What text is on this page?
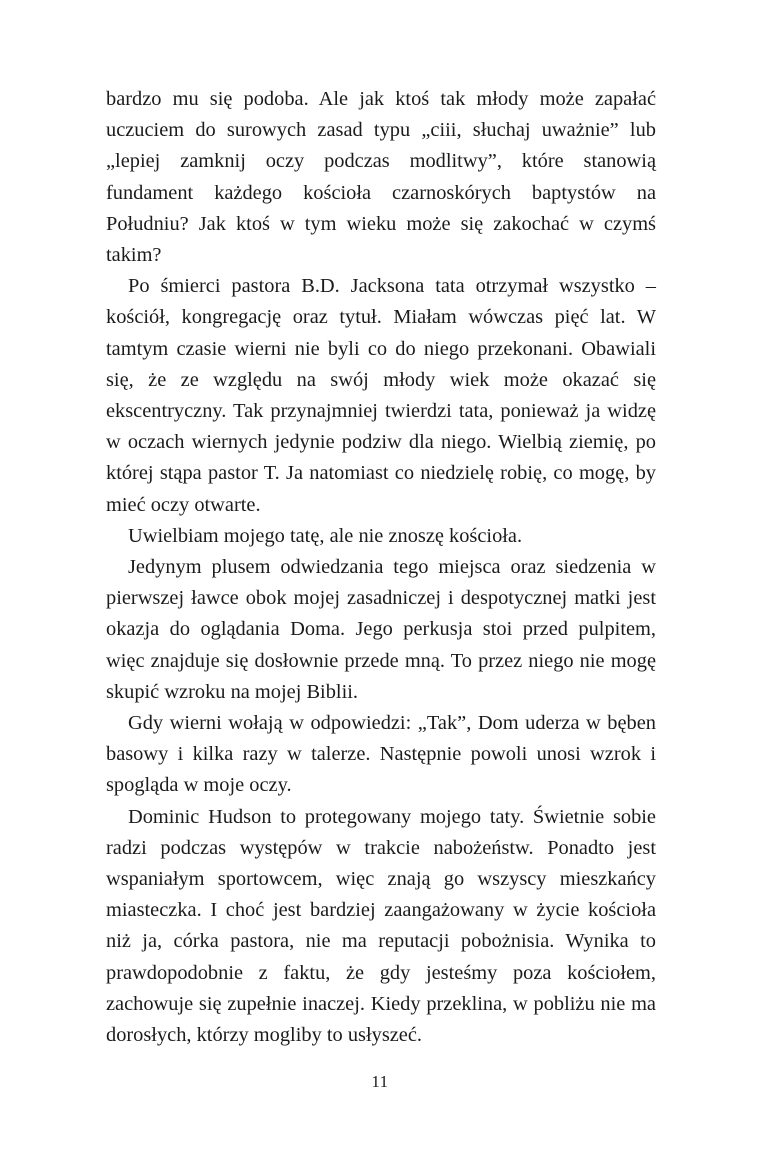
bardzo mu się podoba. Ale jak ktoś tak młody może zapałać uczuciem do surowych zasad typu „ciii, słuchaj uważnie” lub „lepiej zamknij oczy podczas modlitwy”, które stanowią fundament każdego kościoła czarnoskórych baptystów na Południu? Jak ktoś w tym wieku może się zakochać w czymś takim?

Po śmierci pastora B.D. Jacksona tata otrzymał wszystko – kościół, kongregację oraz tytuł. Miałam wówczas pięć lat. W tamtym czasie wierni nie byli co do niego przekonani. Obawiali się, że ze względu na swój młody wiek może okazać się ekscentryczny. Tak przynajmniej twierdzi tata, ponieważ ja widzę w oczach wiernych jedynie podziw dla niego. Wielbią ziemię, po której stąpa pastor T. Ja natomiast co niedzielę robię, co mogę, by mieć oczy otwarte.

Uwielbiam mojego tatę, ale nie znoszę kościoła.

Jedynym plusem odwiedzania tego miejsca oraz siedzenia w pierwszej ławce obok mojej zasadniczej i despotycznej matki jest okazja do oglądania Doma. Jego perkusja stoi przed pulpitem, więc znajduje się dosłownie przede mną. To przez niego nie mogę skupić wzroku na mojej Biblii.

Gdy wierni wołają w odpowiedzi: „Tak”, Dom uderza w bęben basowy i kilka razy w talerze. Następnie powoli unosi wzrok i spogląda w moje oczy.

Dominic Hudson to protegowany mojego taty. Świetnie sobie radzi podczas występów w trakcie nabożeństw. Ponadto jest wspaniałym sportowcem, więc znają go wszyscy mieszkańcy miasteczka. I choć jest bardziej zaangażowany w życie kościoła niż ja, córka pastora, nie ma reputacji pobożnisia. Wynika to prawdopodobnie z faktu, że gdy jesteśmy poza kościołem, zachowuje się zupełnie inaczej. Kiedy przeklina, w pobliżu nie ma dorosłych, którzy mogliby to usłyszeć.

11
